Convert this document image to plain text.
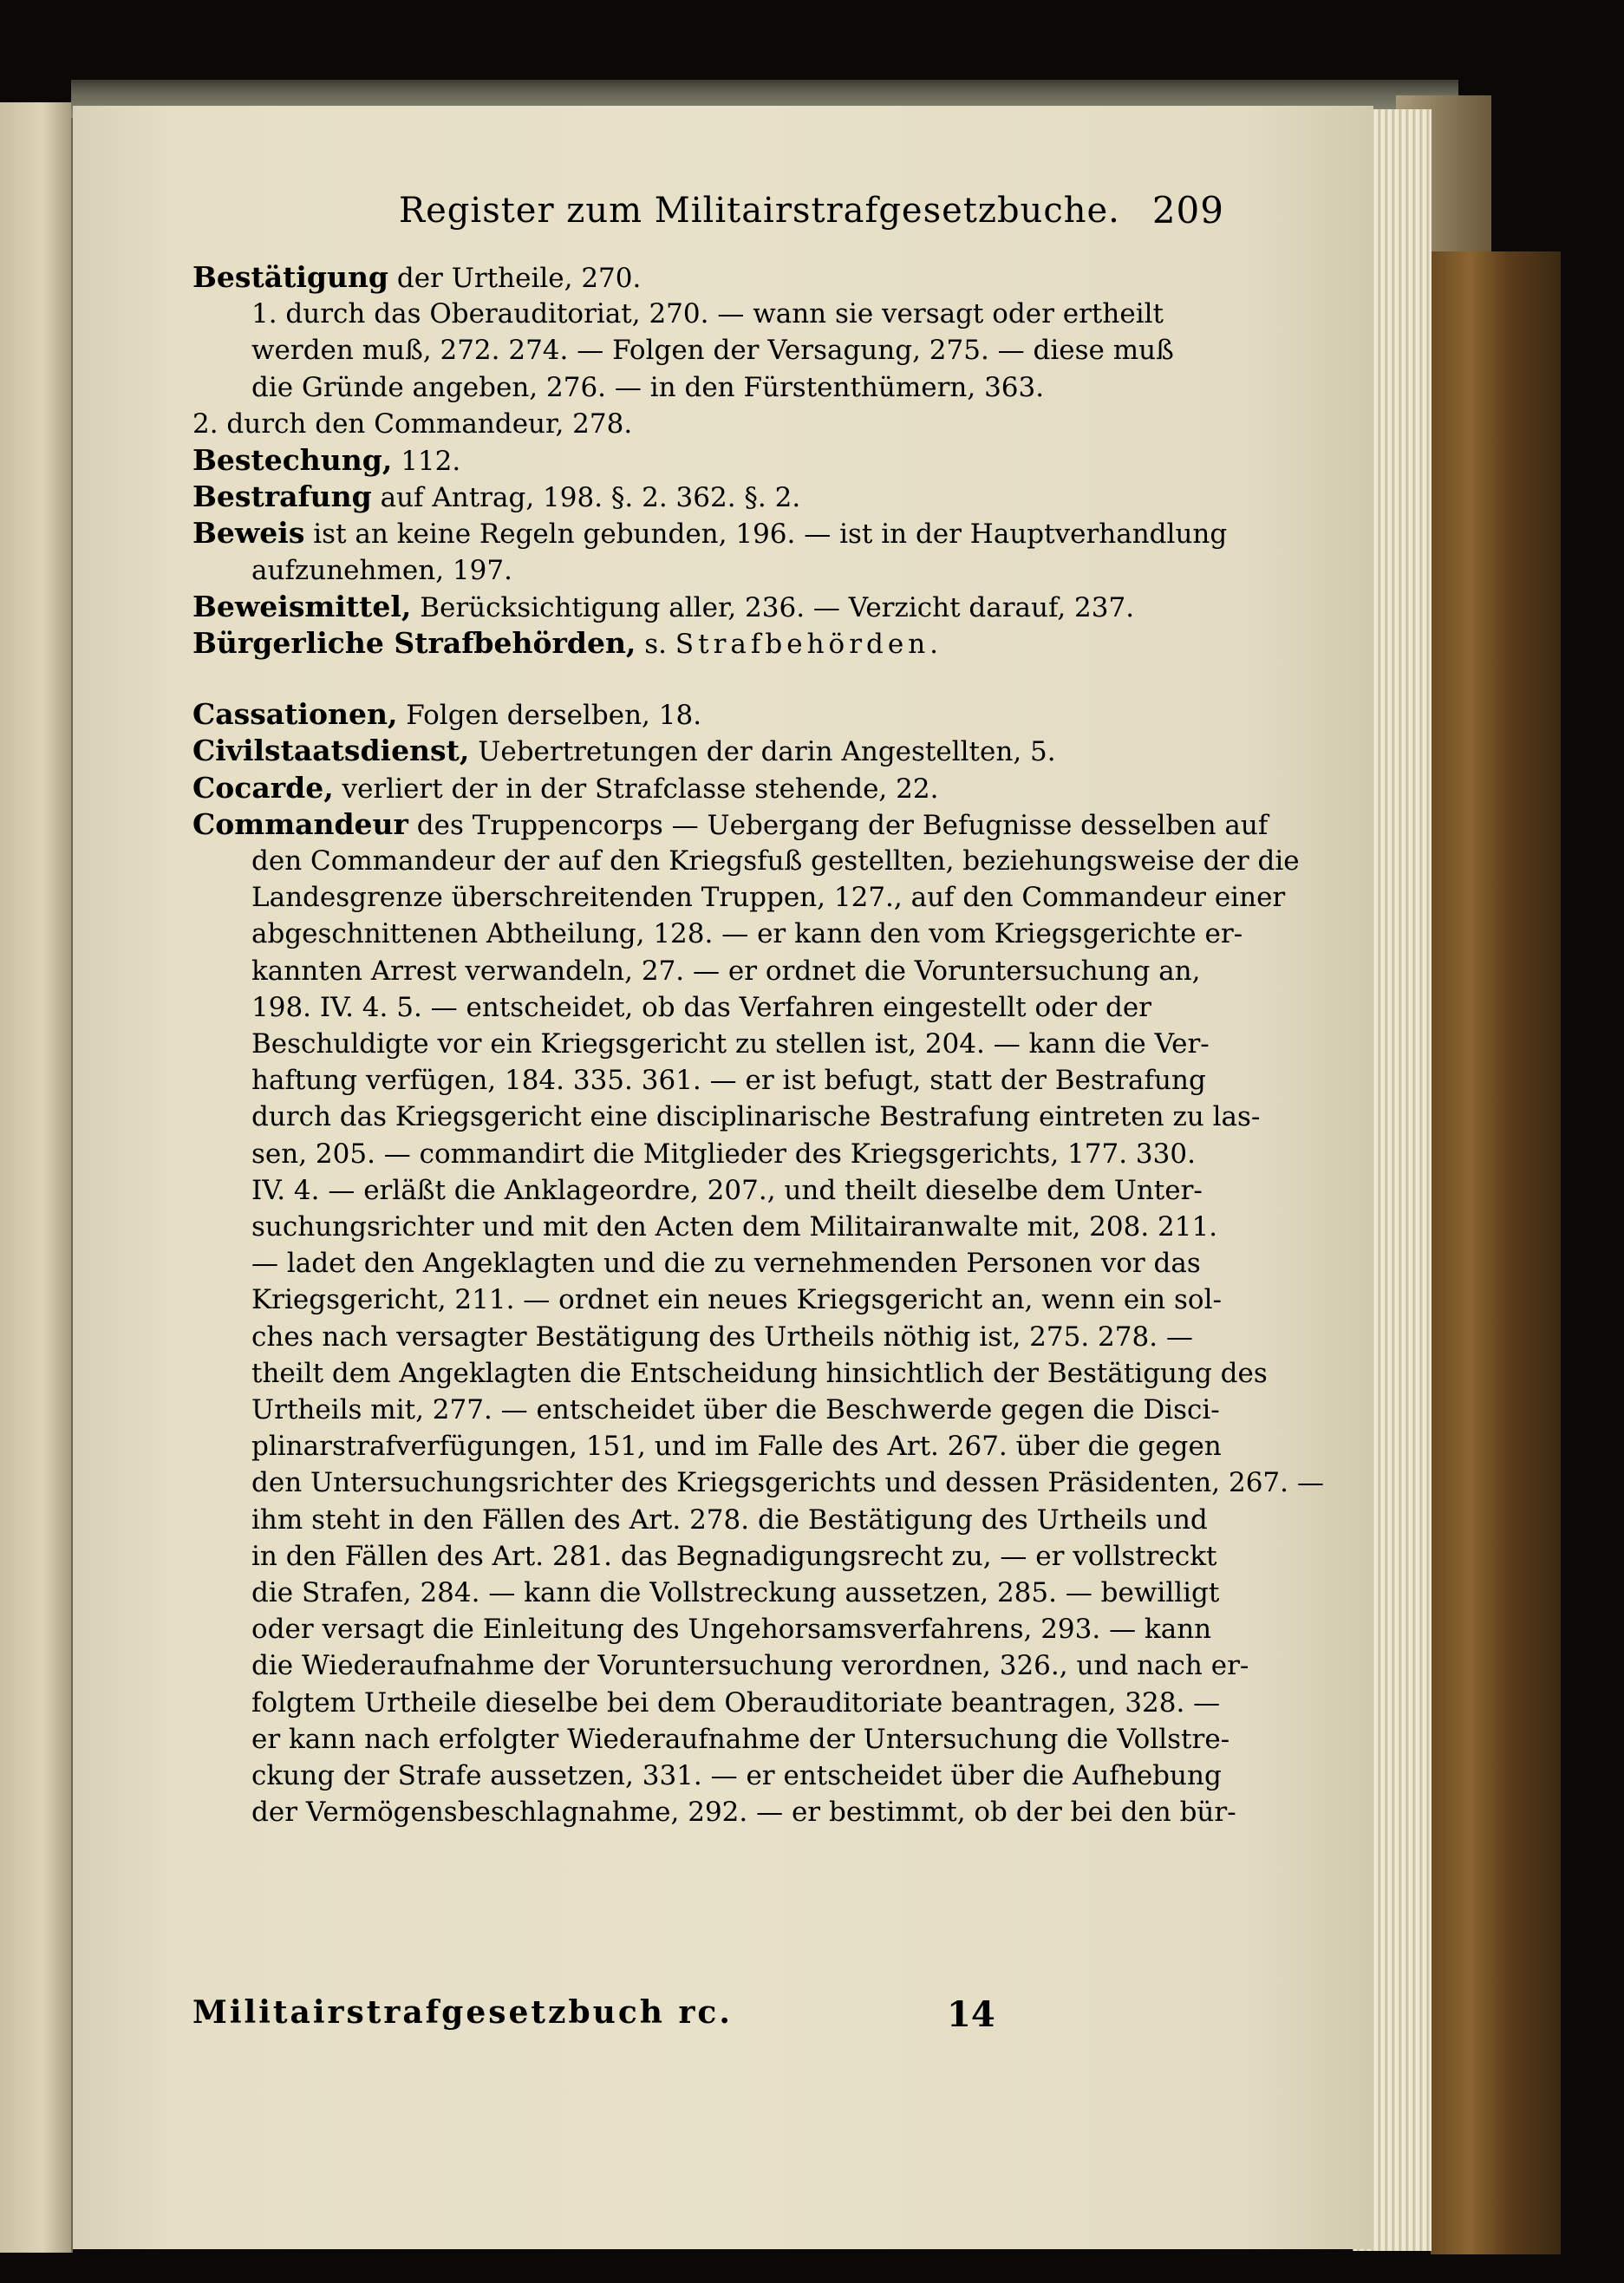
Register zum Militairstrafgesetzbuche. 209
Bestätigung der Urtheile, 270.
1. durch das Oberauditoriat, 270. — wann sie versagt oder ertheilt
werden muß, 272. 274. — Folgen der Versagung, 275. — diese muß
die Gründe angeben, 276. — in den Fürstenthümern, 363.
2. durch den Commandeur, 278.
Bestechung, 112.
Bestrafung auf Antrag, 198. §. 2. 362. §. 2.
Beweis ist an keine Regeln gebunden, 196. — ist in der Hauptverhandlung
aufzunehmen, 197.
Beweismittel, Berücksichtigung aller, 236. — Verzicht darauf, 237.
Bürgerliche Strafbehörden, s. Strafbehörden.
Cassationen, Folgen derselben, 18.
Civilstaatsdienst, Uebertretungen der darin Angestellten, 5.
Cocarde, verliert der in der Strafclasse stehende, 22.
Commandeur des Truppencorps — Uebergang der Befugnisse desselben auf
den Commandeur der auf den Kriegsfuß gestellten, beziehungsweise der die
Landesgrenze überschreitenden Truppen, 127., auf den Commandeur einer
abgeschnittenen Abtheilung, 128. — er kann den vom Kriegsgerichte er-
kannten Arrest verwandeln, 27. — er ordnet die Voruntersuchung an,
198. IV. 4. 5. — entscheidet, ob das Verfahren eingestellt oder der
Beschuldigte vor ein Kriegsgericht zu stellen ist, 204. — kann die Ver-
haftung verfügen, 184. 335. 361. — er ist befugt, statt der Bestrafung
durch das Kriegsgericht eine disciplinarische Bestrafung eintreten zu las-
sen, 205. — commandirt die Mitglieder des Kriegsgerichts, 177. 330.
IV. 4. — erläßt die Anklageordre, 207., und theilt dieselbe dem Unter-
suchungsrichter und mit den Acten dem Militairanwalte mit, 208. 211.
— ladet den Angeklagten und die zu vernehmenden Personen vor das
Kriegsgericht, 211. — ordnet ein neues Kriegsgericht an, wenn ein sol-
ches nach versagter Bestätigung des Urtheils nöthig ist, 275. 278. —
theilt dem Angeklagten die Entscheidung hinsichtlich der Bestätigung des
Urtheils mit, 277. — entscheidet über die Beschwerde gegen die Disci-
plinarstrafverfügungen, 151, und im Falle des Art. 267. über die gegen
den Untersuchungsrichter des Kriegsgerichts und dessen Präsidenten, 267. —
ihm steht in den Fällen des Art. 278. die Bestätigung des Urtheils und
in den Fällen des Art. 281. das Begnadigungsrecht zu, — er vollstreckt
die Strafen, 284. — kann die Vollstreckung aussetzen, 285. — bewilligt
oder versagt die Einleitung des Ungehorsamsverfahrens, 293. — kann
die Wiederaufnahme der Voruntersuchung verordnen, 326., und nach er-
folgtem Urtheile dieselbe bei dem Oberauditoriate beantragen, 328. —
er kann nach erfolgter Wiederaufnahme der Untersuchung die Vollstre-
ckung der Strafe aussetzen, 331. — er entscheidet über die Aufhebung
der Vermögensbeschlagnahme, 292. — er bestimmt, ob der bei den bür-
Militairstrafgesetzbuch rc.	14
